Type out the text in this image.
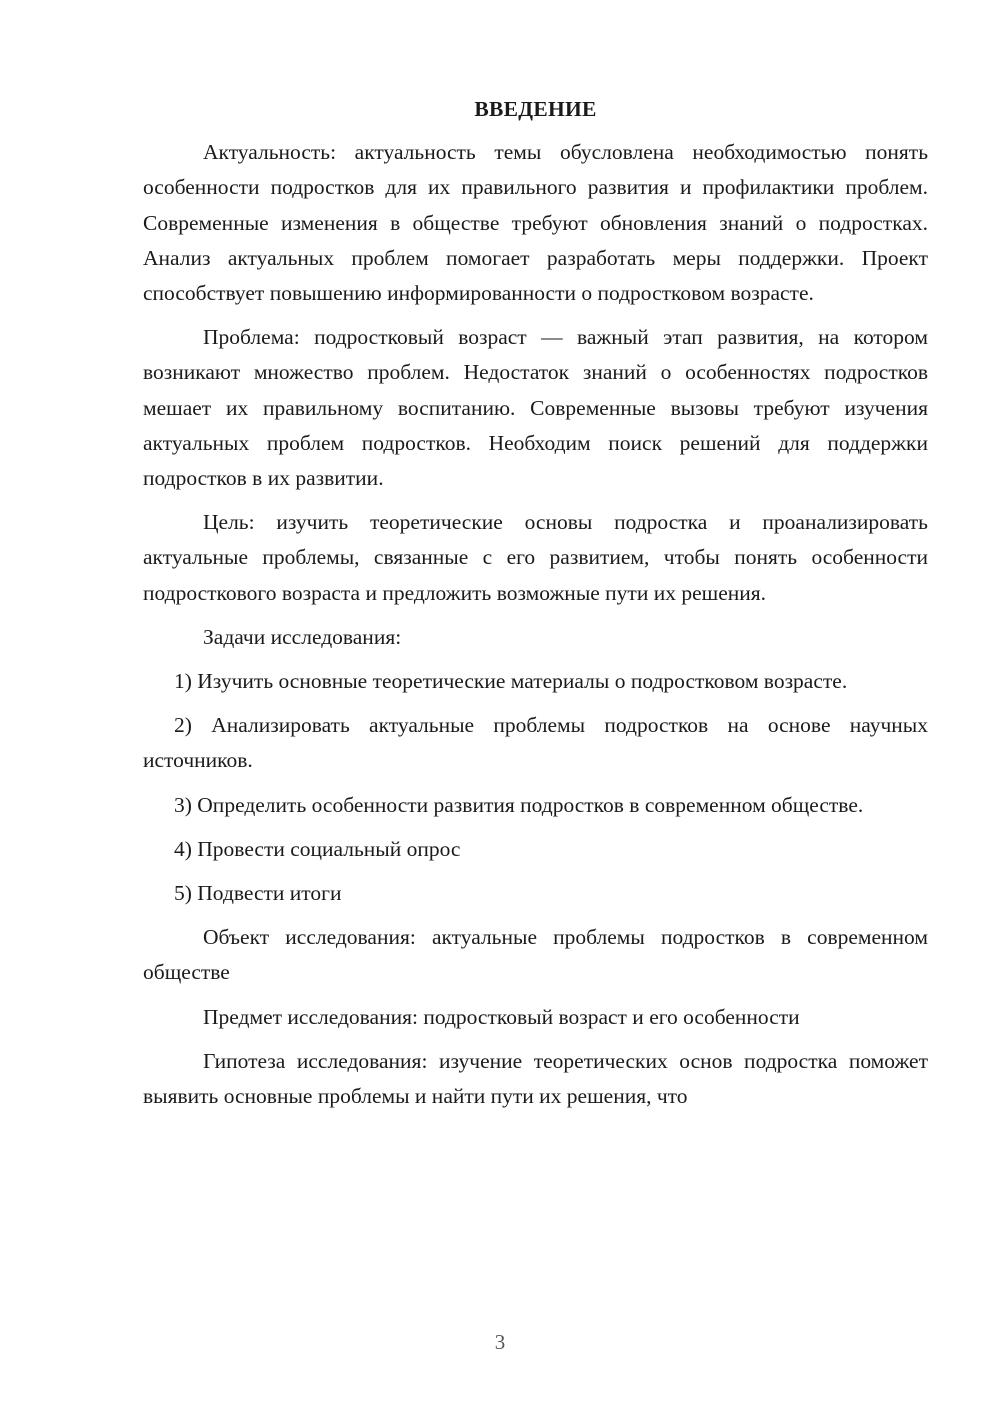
ВВЕДЕНИЕ

Актуальность: актуальность темы обусловлена необходимостью понять особенности подростков для их правильного развития и профилактики проблем. Современные изменения в обществе требуют обновления знаний о подростках. Анализ актуальных проблем помогает разработать меры поддержки. Проект способствует повышению информированности о подростковом возрасте.

Проблема: подростковый возраст — важный этап развития, на котором возникают множество проблем. Недостаток знаний о особенностях подростков мешает их правильному воспитанию. Современные вызовы требуют изучения актуальных проблем подростков. Необходим поиск решений для поддержки подростков в их развитии.

Цель: изучить теоретические основы подростка и проанализировать актуальные проблемы, связанные с его развитием, чтобы понять особенности подросткового возраста и предложить возможные пути их решения.

Задачи исследования:

1) Изучить основные теоретические материалы о подростковом возрасте.

2) Анализировать актуальные проблемы подростков на основе научных источников.

3) Определить особенности развития подростков в современном обществе.

4) Провести социальный опрос

5) Подвести итоги

Объект исследования: актуальные проблемы подростков в современном обществе

Предмет исследования: подростковый возраст и его особенности

Гипотеза исследования: изучение теоретических основ подростка поможет выявить основные проблемы и найти пути их решения, что

3
